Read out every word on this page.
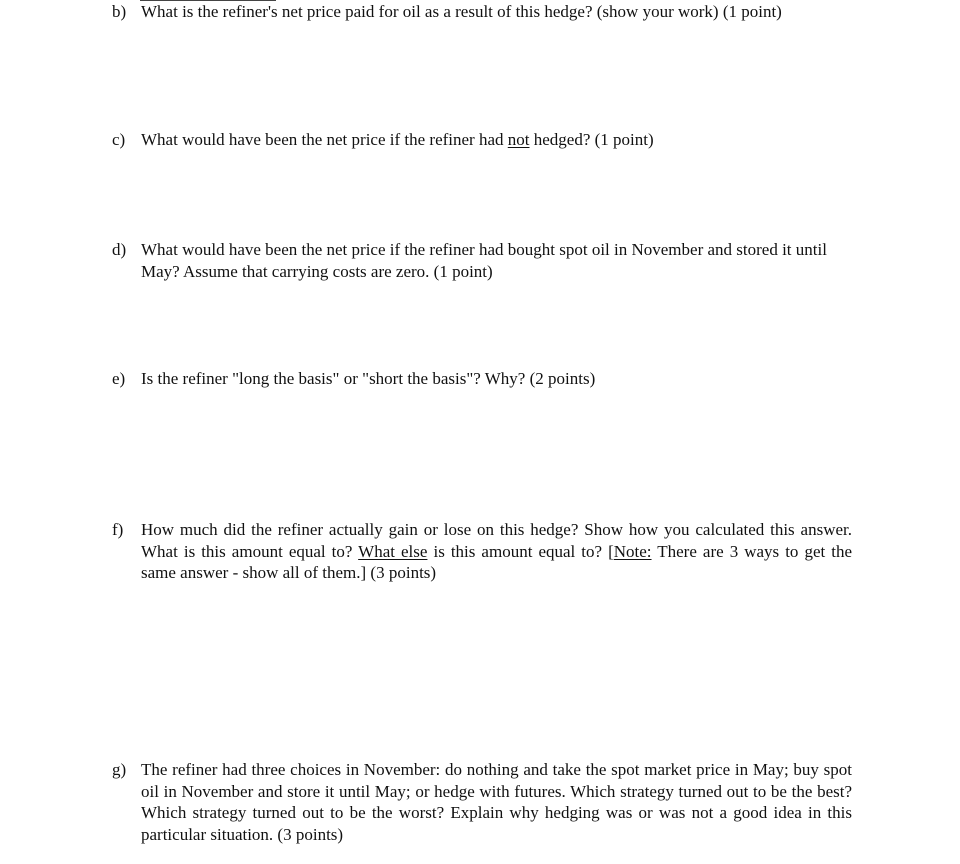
b) What is the refiner's net price paid for oil as a result of this hedge? (show your work) (1 point)
c) What would have been the net price if the refiner had not hedged? (1 point)
d) What would have been the net price if the refiner had bought spot oil in November and stored it until May? Assume that carrying costs are zero. (1 point)
e) Is the refiner "long the basis" or "short the basis"? Why? (2 points)
f)	How much did the refiner actually gain or lose on this hedge? Show how you calculated this answer. What is this amount equal to? What else is this amount equal to? [Note: There are 3 ways to get the same answer - show all of them.] (3 points)
g) The refiner had three choices in November: do nothing and take the spot market price in May; buy spot oil in November and store it until May; or hedge with futures. Which strategy turned out to be the best? Which strategy turned out to be the worst? Explain why hedging was or was not a good idea in this particular situation. (3 points)
